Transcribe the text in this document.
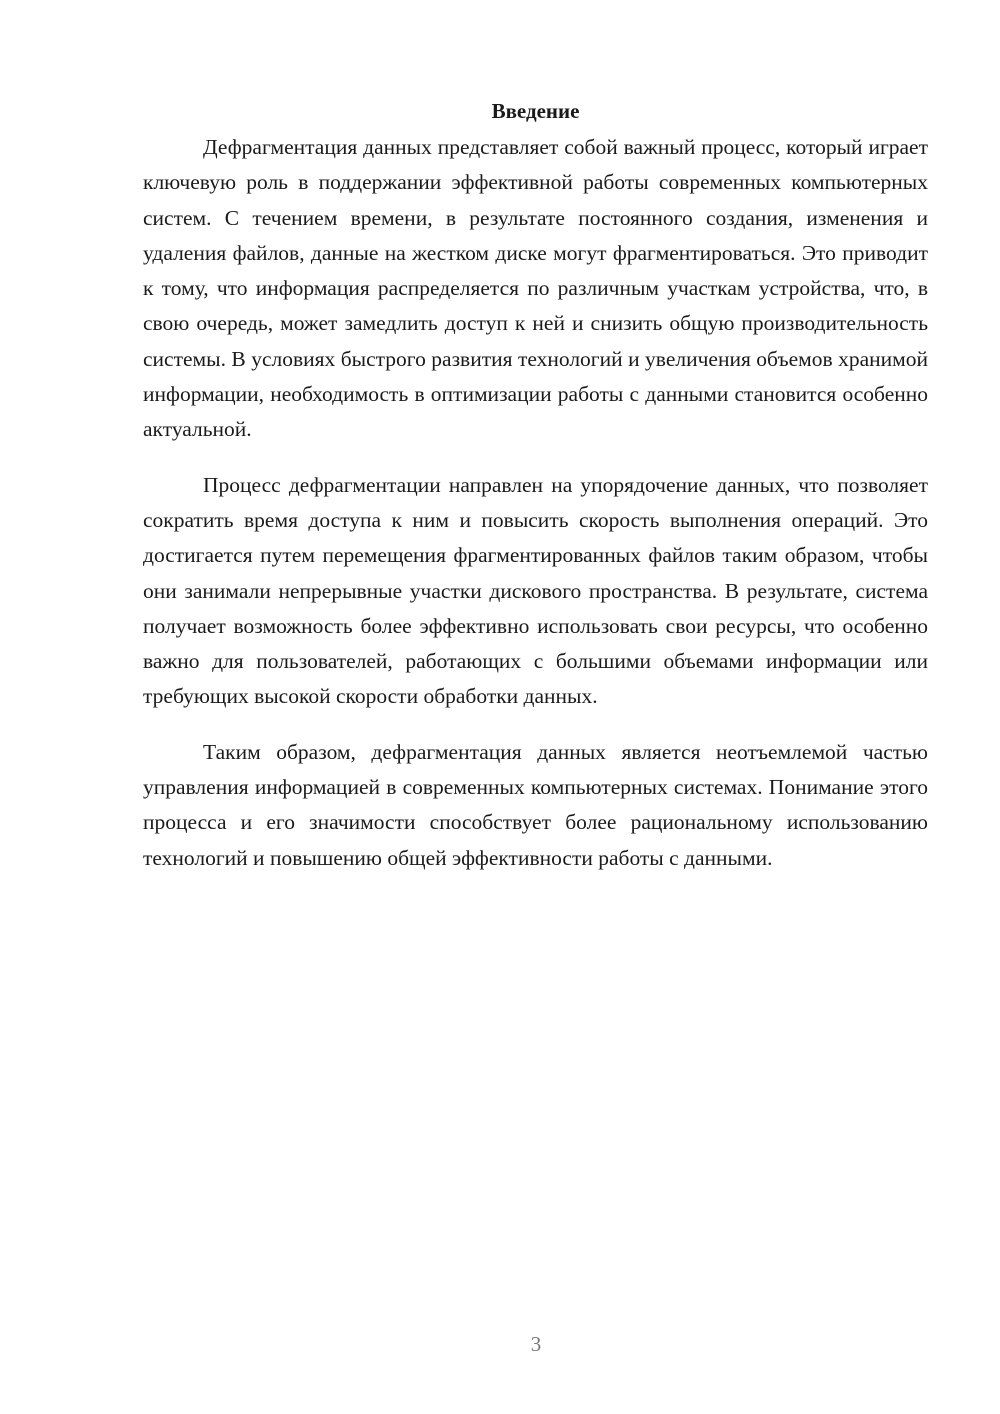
Введение

Дефрагментация данных представляет собой важный процесс, который играет ключевую роль в поддержании эффективной работы современных компьютерных систем. С течением времени, в результате постоянного создания, изменения и удаления файлов, данные на жестком диске могут фрагментироваться. Это приводит к тому, что информация распределяется по различным участкам устройства, что, в свою очередь, может замедлить доступ к ней и снизить общую производительность системы. В условиях быстрого развития технологий и увеличения объемов хранимой информации, необходимость в оптимизации работы с данными становится особенно актуальной.

Процесс дефрагментации направлен на упорядочение данных, что позволяет сократить время доступа к ним и повысить скорость выполнения операций. Это достигается путем перемещения фрагментированных файлов таким образом, чтобы они занимали непрерывные участки дискового пространства. В результате, система получает возможность более эффективно использовать свои ресурсы, что особенно важно для пользователей, работающих с большими объемами информации или требующих высокой скорости обработки данных.

Таким образом, дефрагментация данных является неотъемлемой частью управления информацией в современных компьютерных системах. Понимание этого процесса и его значимости способствует более рациональному использованию технологий и повышению общей эффективности работы с данными.

3
